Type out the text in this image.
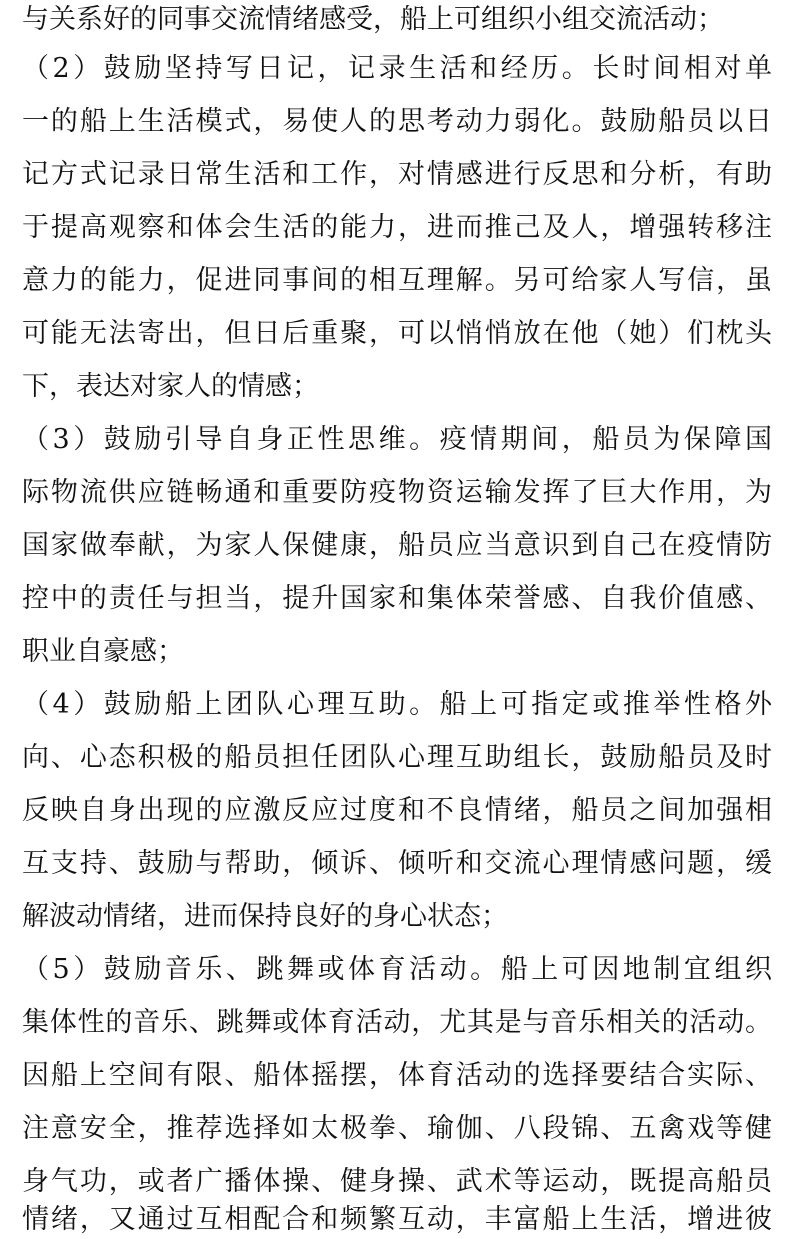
与关系好的同事交流情绪感受，船上可组织小组交流活动；
（2）鼓励坚持写日记，记录生活和经历。长时间相对单
一的船上生活模式，易使人的思考动力弱化。鼓励船员以日
记方式记录日常生活和工作，对情感进行反思和分析，有助
于提高观察和体会生活的能力，进而推己及人，增强转移注
意力的能力，促进同事间的相互理解。另可给家人写信，虽
可能无法寄出，但日后重聚，可以悄悄放在他（她）们枕头
下，表达对家人的情感；
（3）鼓励引导自身正性思维。疫情期间，船员为保障国
际物流供应链畅通和重要防疫物资运输发挥了巨大作用，为
国家做奉献，为家人保健康，船员应当意识到自己在疫情防
控中的责任与担当，提升国家和集体荣誉感、自我价值感、
职业自豪感；
（4）鼓励船上团队心理互助。船上可指定或推举性格外
向、心态积极的船员担任团队心理互助组长，鼓励船员及时
反映自身出现的应激反应过度和不良情绪，船员之间加强相
互支持、鼓励与帮助，倾诉、倾听和交流心理情感问题，缓
解波动情绪，进而保持良好的身心状态；
（5）鼓励音乐、跳舞或体育活动。船上可因地制宜组织
集体性的音乐、跳舞或体育活动，尤其是与音乐相关的活动。
因船上空间有限、船体摇摆，体育活动的选择要结合实际、
注意安全，推荐选择如太极拳、瑜伽、八段锦、五禽戏等健
身气功，或者广播体操、健身操、武术等运动，既提高船员
情绪，又通过互相配合和频繁互动，丰富船上生活，增进彼
